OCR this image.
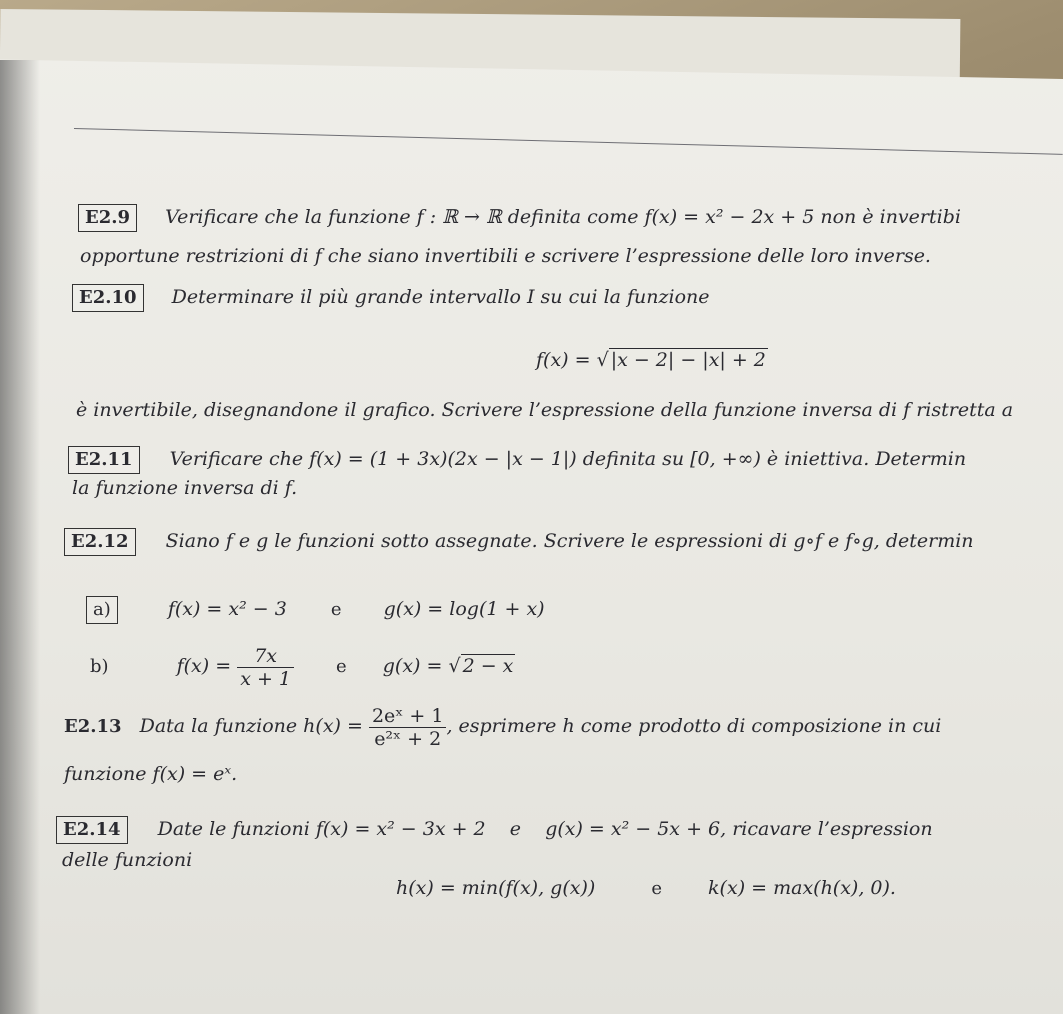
E2.9 Verificare che la funzione f : ℝ → ℝ definita come f(x) = x² − 2x + 5 non è invertibi
opportune restrizioni di f che siano invertibili e scrivere l’espressione delle loro inverse.
E2.10 Determinare il più grande intervallo I su cui la funzione
f(x) = √ |x − 2| − |x| + 2
è invertibile, disegnandone il grafico. Scrivere l’espressione della funzione inversa di f ristretta a
E2.11 Verificare che f(x) = (1 + 3x)(2x − |x − 1|) definita su [0, +∞) è iniettiva. Determin
la funzione inversa di f.
E2.12 Siano f e g le funzioni sotto assegnate. Scrivere le espressioni di g∘f e f∘g, determin
a)	f(x) = x² − 3 e g(x) = log(1 + x)
b)	$f(x) = \frac{7x}{x + 1}$ e g(x) = √ 2 − x
E2.13 Data la funzione $h(x) = \frac{\text{2eˣ + 1}}{\text{e²ˣ + 2}}$ , esprimere h come prodotto di composizione in cui
funzione f(x) = eˣ.
E2.14 Date le funzioni f(x) = x² − 3x + 2    e    g(x) = x² − 5x + 6, ricavare l’espression
delle funzioni
h(x) = min(f(x), g(x))	e k(x) = max(h(x), 0).
